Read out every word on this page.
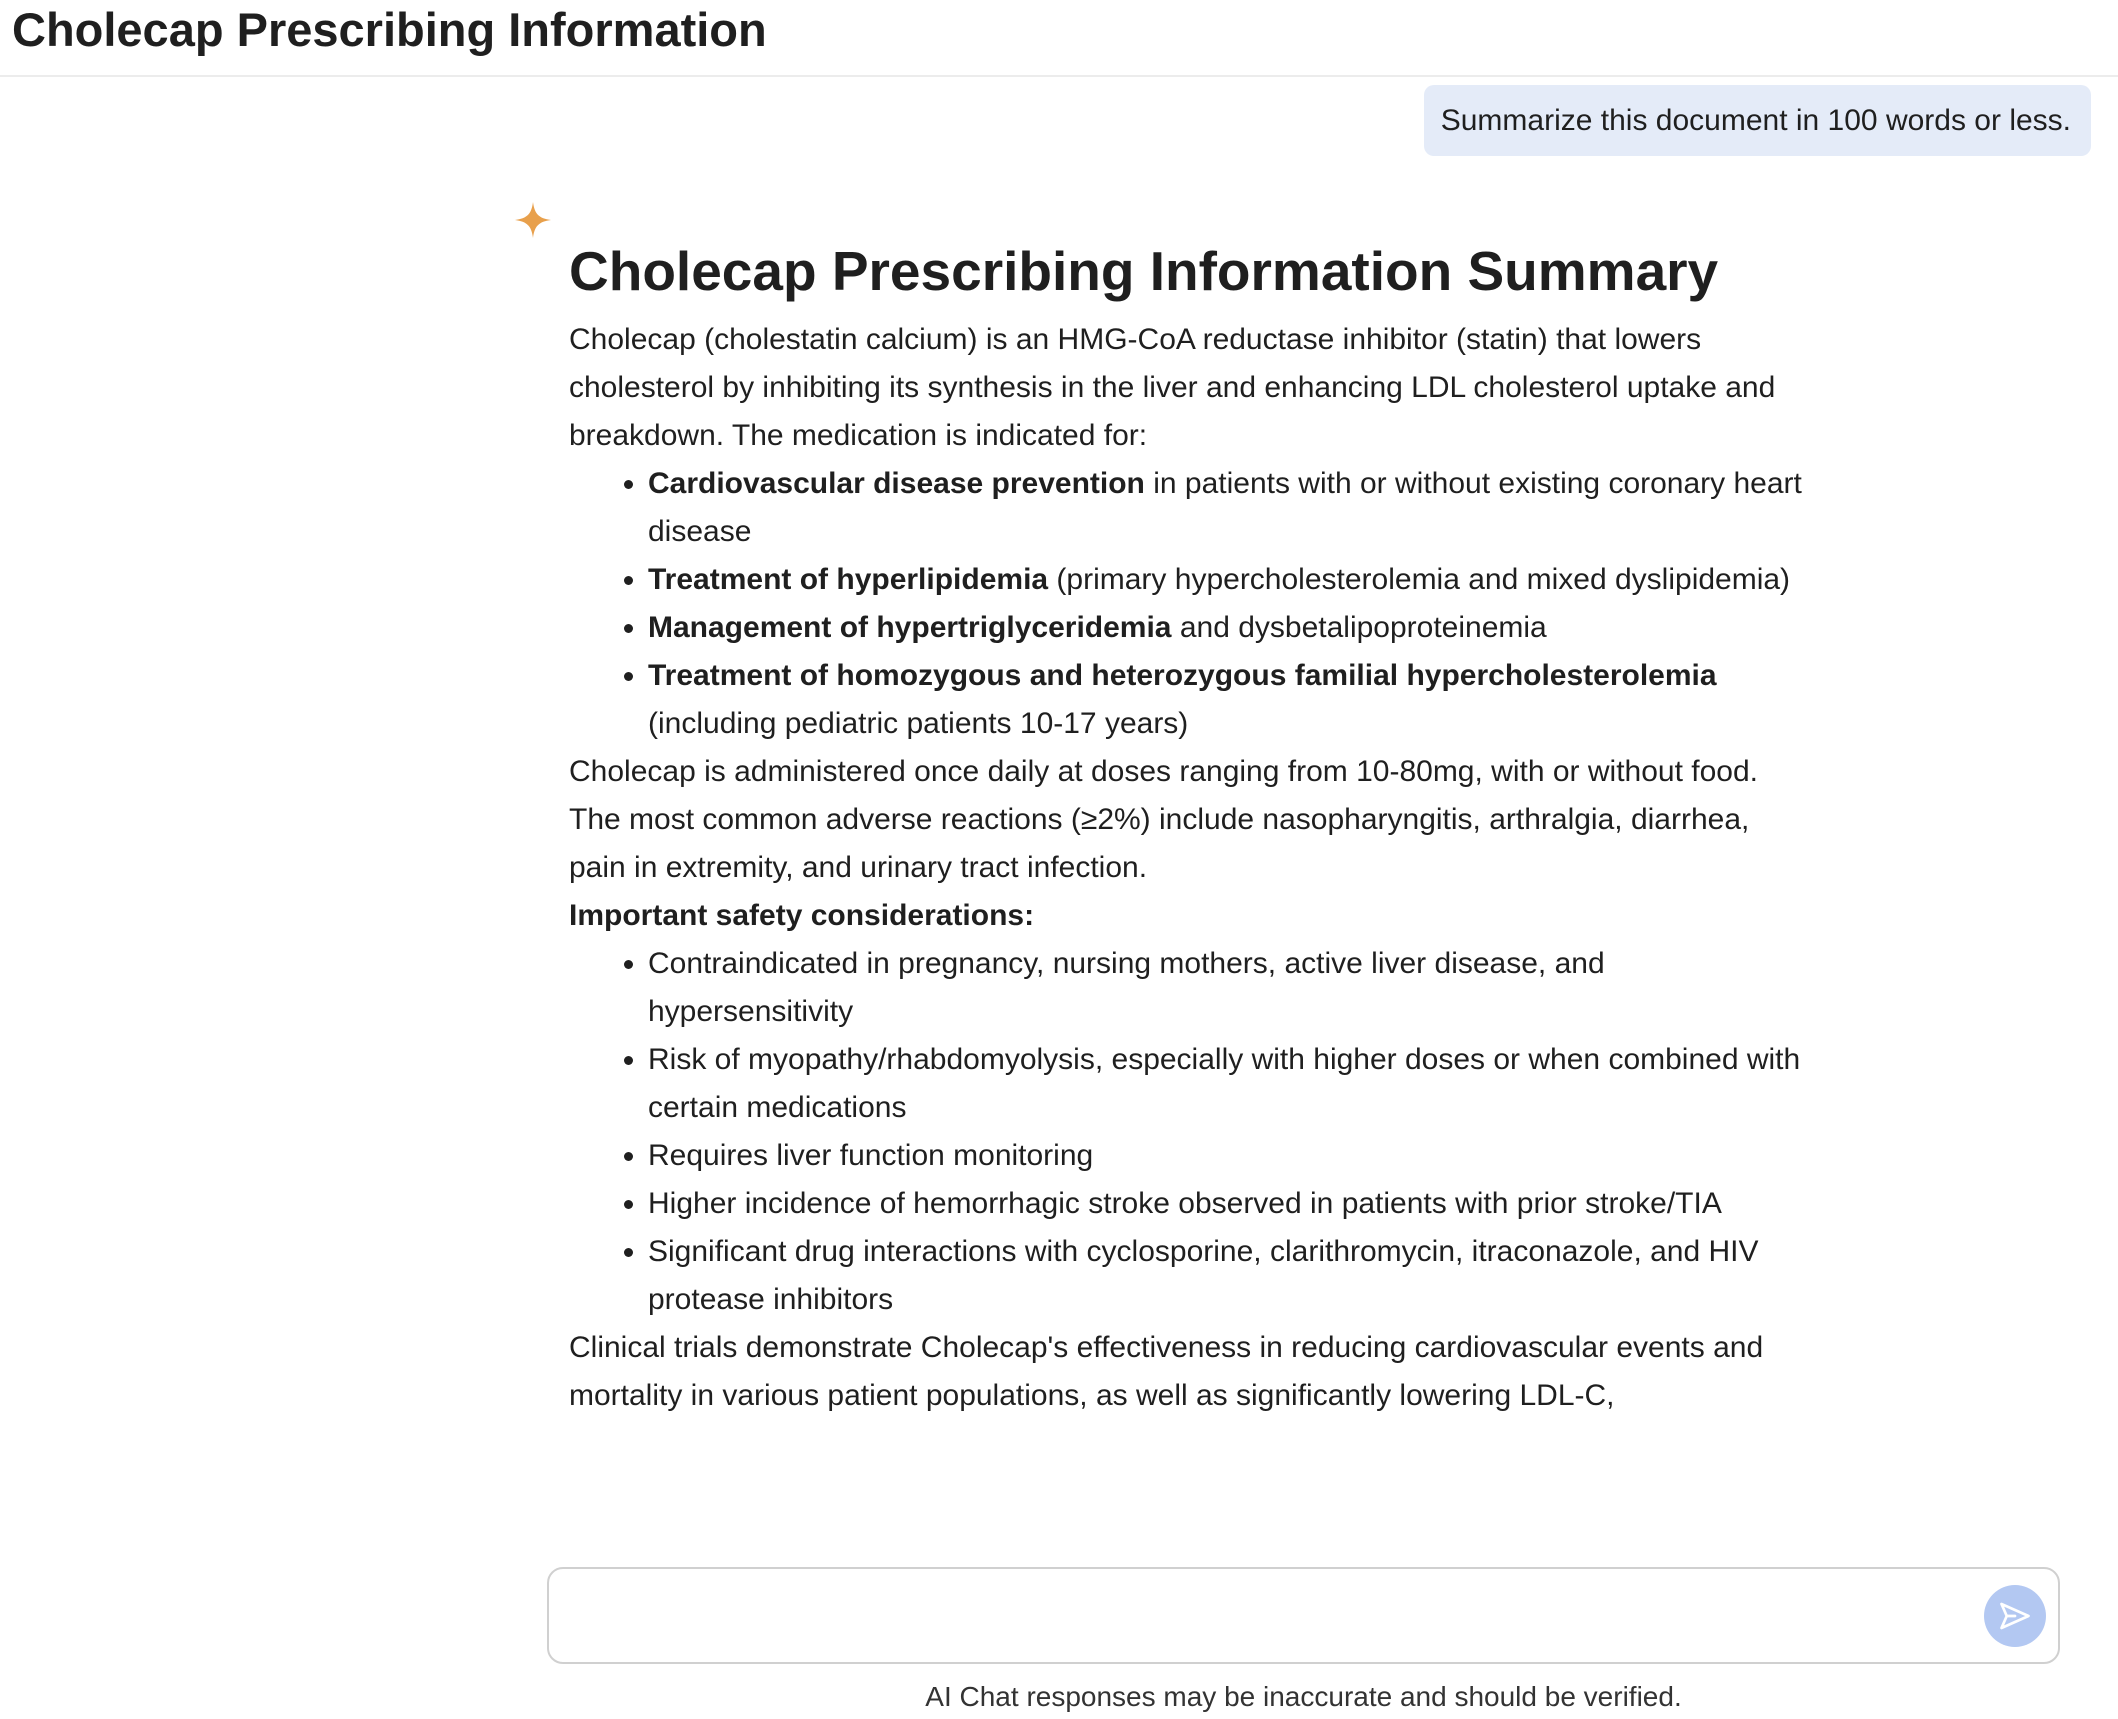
Cholecap Prescribing Information
Summarize this document in 100 words or less.
Cholecap Prescribing Information Summary

Cholecap (cholestatin calcium) is an HMG-CoA reductase inhibitor (statin) that lowers cholesterol by inhibiting its synthesis in the liver and enhancing LDL cholesterol uptake and breakdown. The medication is indicated for:

Cardiovascular disease prevention in patients with or without existing coronary heart disease
Treatment of hyperlipidemia (primary hypercholesterolemia and mixed dyslipidemia)
Management of hypertriglyceridemia and dysbetalipoproteinemia
Treatment of homozygous and heterozygous familial hypercholesterolemia (including pediatric patients 10-17 years)

Cholecap is administered once daily at doses ranging from 10-80mg, with or without food. The most common adverse reactions (≥2%) include nasopharyngitis, arthralgia, diarrhea, pain in extremity, and urinary tract infection.

Important safety considerations:

Contraindicated in pregnancy, nursing mothers, active liver disease, and hypersensitivity
Risk of myopathy/rhabdomyolysis, especially with higher doses or when combined with certain medications
Requires liver function monitoring
Higher incidence of hemorrhagic stroke observed in patients with prior stroke/TIA
Significant drug interactions with cyclosporine, clarithromycin, itraconazole, and HIV protease inhibitors

Clinical trials demonstrate Cholecap's effectiveness in reducing cardiovascular events and mortality in various patient populations, as well as significantly lowering LDL-C,

AI Chat responses may be inaccurate and should be verified.
